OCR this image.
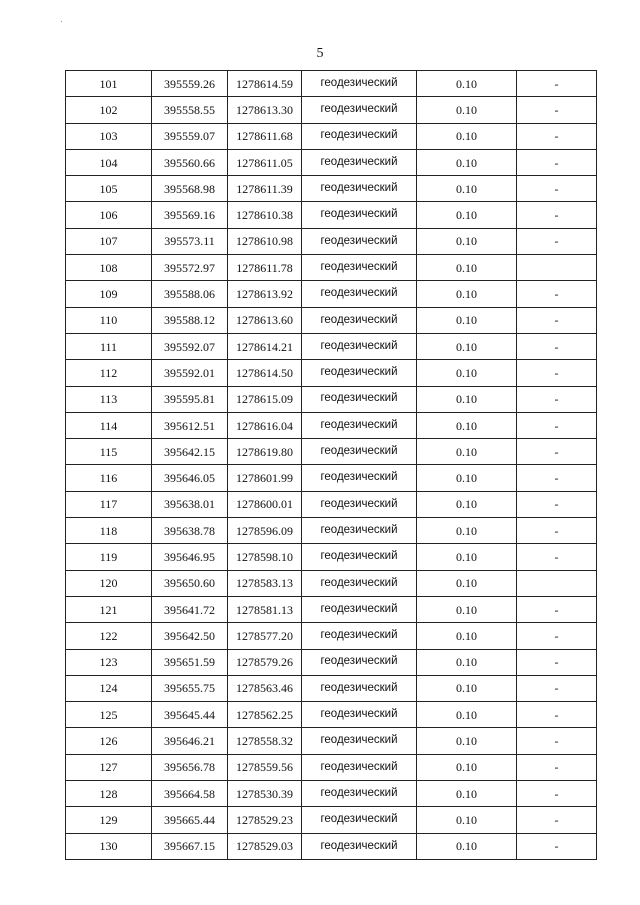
5
101	395559.26	1278614.59	геодезический	0.10	-
102	395558.55	1278613.30	геодезический	0.10	-
103	395559.07	1278611.68	геодезический	0.10	-
104	395560.66	1278611.05	геодезический	0.10	-
105	395568.98	1278611.39	геодезический	0.10	-
106	395569.16	1278610.38	геодезический	0.10	-
107	395573.11	1278610.98	геодезический	0.10	-
108	395572.97	1278611.78	геодезический	0.10	
109	395588.06	1278613.92	геодезический	0.10	-
110	395588.12	1278613.60	геодезический	0.10	-
111	395592.07	1278614.21	геодезический	0.10	-
112	395592.01	1278614.50	геодезический	0.10	-
113	395595.81	1278615.09	геодезический	0.10	-
114	395612.51	1278616.04	геодезический	0.10	-
115	395642.15	1278619.80	геодезический	0.10	-
116	395646.05	1278601.99	геодезический	0.10	-
117	395638.01	1278600.01	геодезический	0.10	-
118	395638.78	1278596.09	геодезический	0.10	-
119	395646.95	1278598.10	геодезический	0.10	-
120	395650.60	1278583.13	геодезический	0.10	
121	395641.72	1278581.13	геодезический	0.10	-
122	395642.50	1278577.20	геодезический	0.10	-
123	395651.59	1278579.26	геодезический	0.10	-
124	395655.75	1278563.46	геодезический	0.10	-
125	395645.44	1278562.25	геодезический	0.10	-
126	395646.21	1278558.32	геодезический	0.10	-
127	395656.78	1278559.56	геодезический	0.10	-
128	395664.58	1278530.39	геодезический	0.10	-
129	395665.44	1278529.23	геодезический	0.10	-
130	395667.15	1278529.03	геодезический	0.10	-
